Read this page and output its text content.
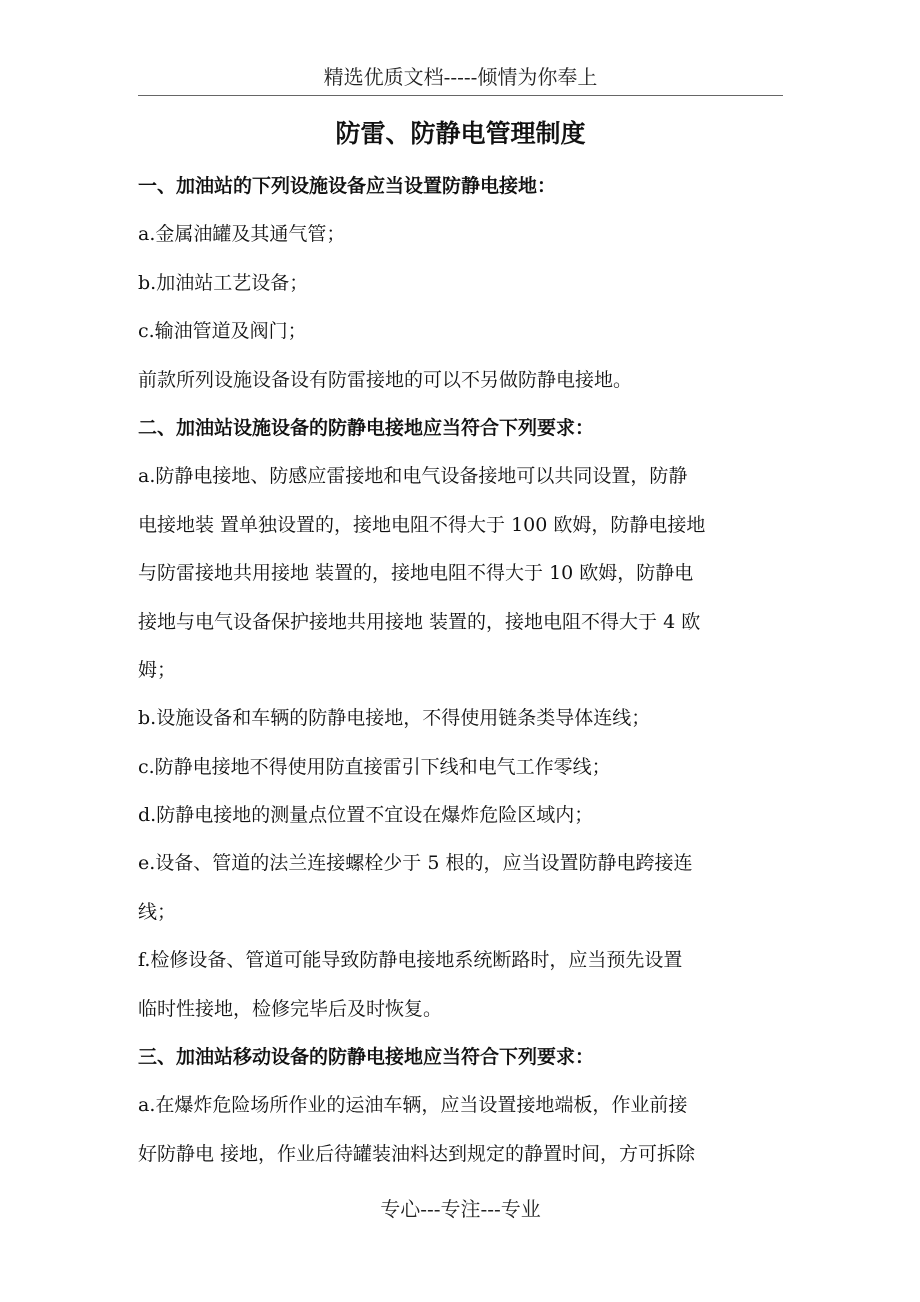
精选优质文档-----倾情为你奉上
防雷、防静电管理制度
一、加油站的下列设施设备应当设置防静电接地：
a.金属油罐及其通气管；
b.加油站工艺设备；
c.输油管道及阀门；
前款所列设施设备设有防雷接地的可以不另做防静电接地。
二、加油站设施设备的防静电接地应当符合下列要求：
a.防静电接地、防感应雷接地和电气设备接地可以共同设置，防静
电接地装 置单独设置的，接地电阻不得大于 100 欧姆，防静电接地
与防雷接地共用接地 装置的，接地电阻不得大于 10 欧姆，防静电
接地与电气设备保护接地共用接地 装置的，接地电阻不得大于 4 欧
姆；
b.设施设备和车辆的防静电接地，不得使用链条类导体连线；
c.防静电接地不得使用防直接雷引下线和电气工作零线；
d.防静电接地的测量点位置不宜设在爆炸危险区域内；
e.设备、管道的法兰连接螺栓少于 5 根的，应当设置防静电跨接连
线；
f.检修设备、管道可能导致防静电接地系统断路时，应当预先设置
临时性接地，检修完毕后及时恢复。
三、加油站移动设备的防静电接地应当符合下列要求：
a.在爆炸危险场所作业的运油车辆，应当设置接地端板，作业前接
好防静电 接地，作业后待罐装油料达到规定的静置时间，方可拆除
专心---专注---专业
